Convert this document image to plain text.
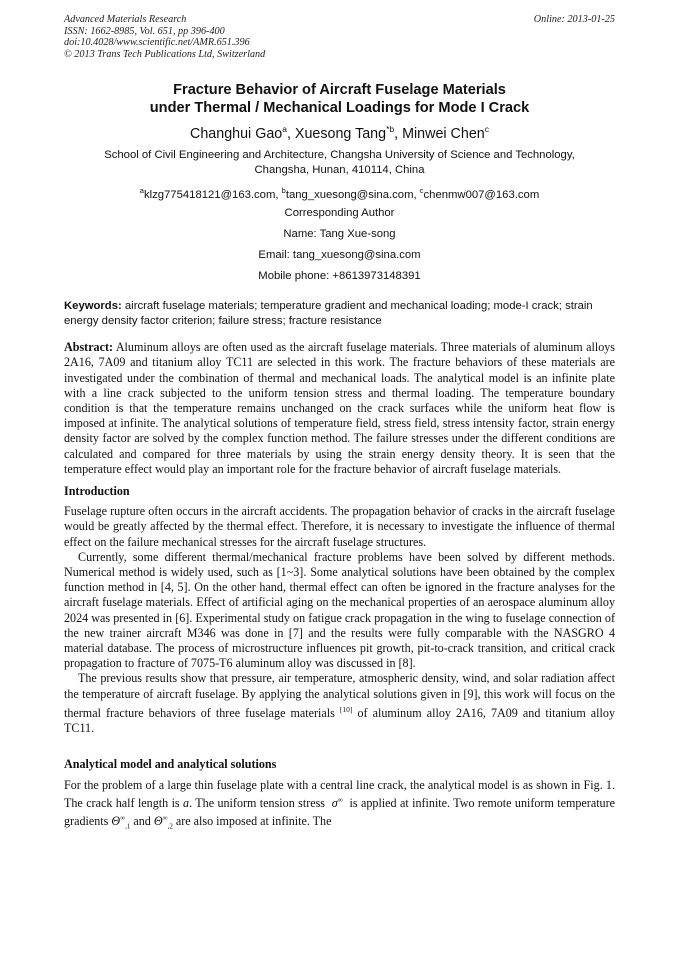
Advanced Materials Research
ISSN: 1662-8985, Vol. 651, pp 396-400
doi:10.4028/www.scientific.net/AMR.651.396
© 2013 Trans Tech Publications Ltd, Switzerland
Online: 2013-01-25
Fracture Behavior of Aircraft Fuselage Materials
under Thermal / Mechanical Loadings for Mode I Crack
Changhui Gao$^a$, Xuesong Tang$^{*b}$, Minwei Chen$^c$
School of Civil Engineering and Architecture, Changsha University of Science and Technology,
Changsha, Hunan, 410114, China
$^a$klzg775418121@163.com, $^b$tang_xuesong@sina.com, $^c$chenmw007@163.com
Corresponding Author
Name: Tang Xue-song
Email: tang_xuesong@sina.com
Mobile phone: +8613973148391

Keywords: aircraft fuselage materials; temperature gradient and mechanical loading; mode-I crack; strain energy density factor criterion; failure stress; fracture resistance

Abstract: Aluminum alloys are often used as the aircraft fuselage materials. Three materials of aluminum alloys 2A16, 7A09 and titanium alloy TC11 are selected in this work. The fracture behaviors of these materials are investigated under the combination of thermal and mechanical loads. The analytical model is an infinite plate with a line crack subjected to the uniform tension stress and thermal loading. The temperature boundary condition is that the temperature remains unchanged on the crack surfaces while the uniform heat flow is imposed at infinite. The analytical solutions of temperature field, stress field, stress intensity factor, strain energy density factor are solved by the complex function method. The failure stresses under the different conditions are calculated and compared for three materials by using the strain energy density theory. It is seen that the temperature effect would play an important role for the fracture behavior of aircraft fuselage materials.

Introduction

Fuselage rupture often occurs in the aircraft accidents. The propagation behavior of cracks in the aircraft fuselage would be greatly affected by the thermal effect. Therefore, it is necessary to investigate the influence of thermal effect on the failure mechanical stresses for the aircraft fuselage structures.

Currently, some different thermal/mechanical fracture problems have been solved by different methods. Numerical method is widely used, such as [1~3]. Some analytical solutions have been obtained by the complex function method in [4, 5]. On the other hand, thermal effect can often be ignored in the fracture analyses for the aircraft fuselage materials. Effect of artificial aging on the mechanical properties of an aerospace aluminum alloy 2024 was presented in [6]. Experimental study on fatigue crack propagation in the wing to fuselage connection of the new trainer aircraft M346 was done in [7] and the results were fully comparable with the NASGRO 4 material database. The process of microstructure influences pit growth, pit-to-crack transition, and critical crack propagation to fracture of 7075-T6 aluminum alloy was discussed in [8].

The previous results show that pressure, air temperature, atmospheric density, wind, and solar radiation affect the temperature of aircraft fuselage. By applying the analytical solutions given in [9], this work will focus on the thermal fracture behaviors of three fuselage materials [10] of aluminum alloy 2A16, 7A09 and titanium alloy TC11.

Analytical model and analytical solutions

For the problem of a large thin fuselage plate with a central line crack, the analytical model is as shown in Fig. 1. The crack half length is a. The uniform tension stress  σ∞  is applied at infinite. Two remote uniform temperature gradients $\Theta^\infty_{,1}$ and $\Theta^\infty_{,2}$ are also imposed at infinite. The
